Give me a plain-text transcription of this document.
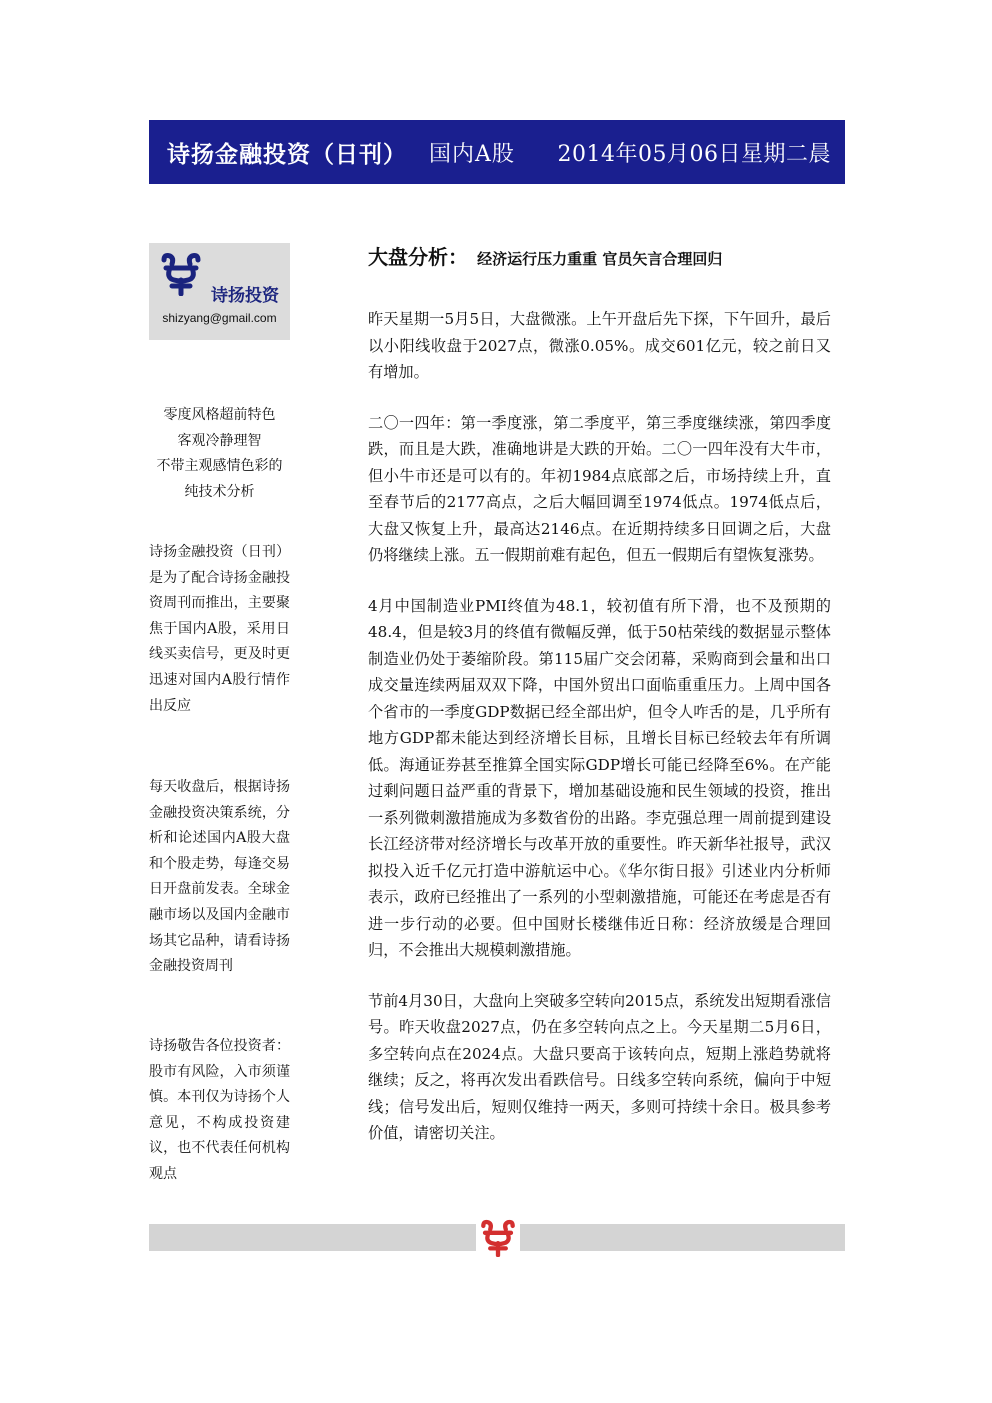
诗扬金融投资（日刊） 国内A股 2014年05月06日星期二晨
诗扬投资
shizyang@gmail.com
零度风格超前特色
客观冷静理智
不带主观感情色彩的
纯技术分析
诗扬金融投资（日刊）是为了配合诗扬金融投资周刊而推出，主要聚焦于国内A股，采用日线买卖信号，更及时更迅速对国内A股行情作出反应
每天收盘后，根据诗扬金融投资决策系统，分析和论述国内A股大盘和个股走势，每逢交易日开盘前发表。全球金融市场以及国内金融市场其它品种，请看诗扬金融投资周刊
诗扬敬告各位投资者：股市有风险，入市须谨慎。本刊仅为诗扬个人意见，不构成投资建议，也不代表任何机构观点
大盘分析： 经济运行压力重重 官员矢言合理回归

昨天星期一5月5日，大盘微涨。上午开盘后先下探，下午回升，最后以小阳线收盘于2027点，微涨0.05%。成交601亿元，较之前日又有增加。

二〇一四年：第一季度涨，第二季度平，第三季度继续涨，第四季度跌，而且是大跌，准确地讲是大跌的开始。二〇一四年没有大牛市，但小牛市还是可以有的。年初1984点底部之后，市场持续上升，直至春节后的2177高点，之后大幅回调至1974低点。1974低点后，大盘又恢复上升，最高达2146点。在近期持续多日回调之后，大盘仍将继续上涨。五一假期前难有起色，但五一假期后有望恢复涨势。

4月中国制造业PMI终值为48.1，较初值有所下滑，也不及预期的48.4，但是较3月的终值有微幅反弹，低于50枯荣线的数据显示整体制造业仍处于萎缩阶段。第115届广交会闭幕，采购商到会量和出口成交量连续两届双双下降，中国外贸出口面临重重压力。上周中国各个省市的一季度GDP数据已经全部出炉，但令人咋舌的是，几乎所有地方GDP都未能达到经济增长目标，且增长目标已经较去年有所调低。海通证券甚至推算全国实际GDP增长可能已经降至6%。在产能过剩问题日益严重的背景下，增加基础设施和民生领域的投资，推出一系列微刺激措施成为多数省份的出路。李克强总理一周前提到建设长江经济带对经济增长与改革开放的重要性。昨天新华社报导，武汉拟投入近千亿元打造中游航运中心。《华尔街日报》引述业内分析师表示，政府已经推出了一系列的小型刺激措施，可能还在考虑是否有进一步行动的必要。但中国财长楼继伟近日称：经济放缓是合理回归，不会推出大规模刺激措施。

节前4月30日，大盘向上突破多空转向2015点，系统发出短期看涨信号。昨天收盘2027点，仍在多空转向点之上。今天星期二5月6日，多空转向点在2024点。大盘只要高于该转向点，短期上涨趋势就将继续；反之，将再次发出看跌信号。日线多空转向系统，偏向于中短线；信号发出后，短则仅维持一两天，多则可持续十余日。极具参考价值，请密切关注。
